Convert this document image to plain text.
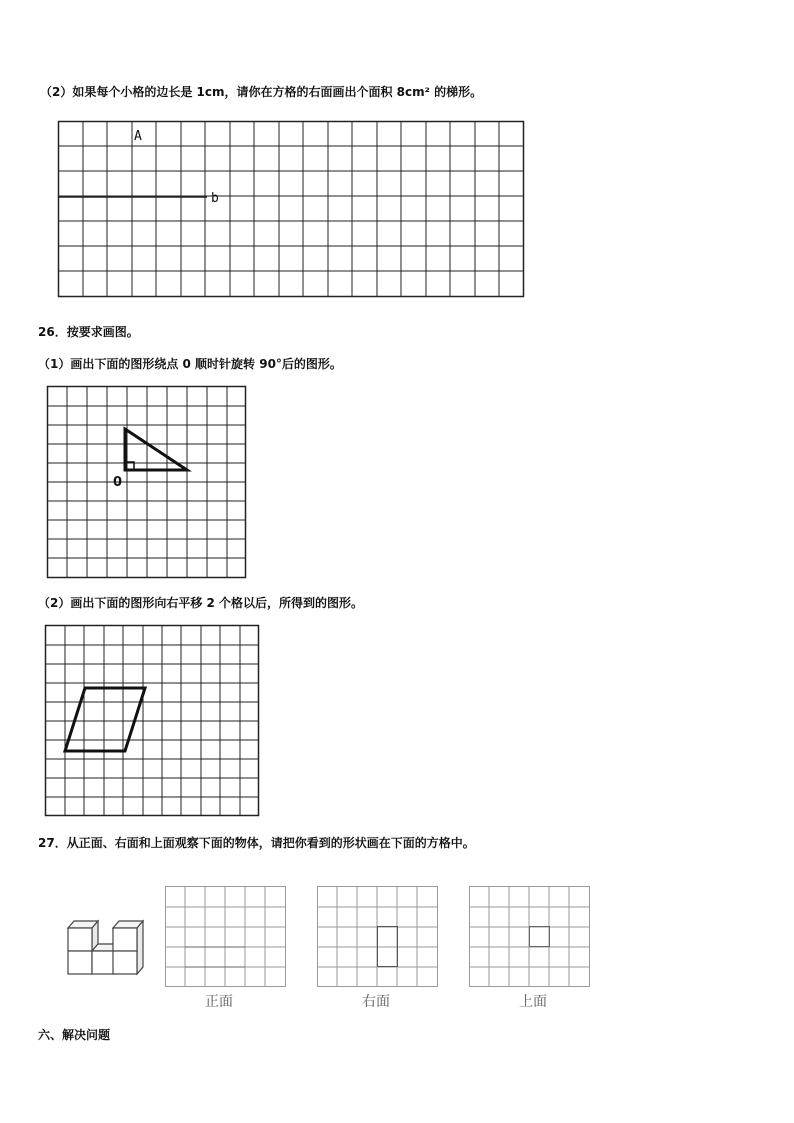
（2）如果每个小格的边长是 1cm，请你在方格的右面画出个面积 8cm² 的梯形。
26．按要求画图。
（1）画出下面的图形绕点 0 顺时针旋转 90°后的图形。
（2）画出下面的图形向右平移 2 个格以后，所得到的图形。
27．从正面、右面和上面观察下面的物体，请把你看到的形状画在下面的方格中。
六、解决问题
A
b
0
正面	右面	上面
